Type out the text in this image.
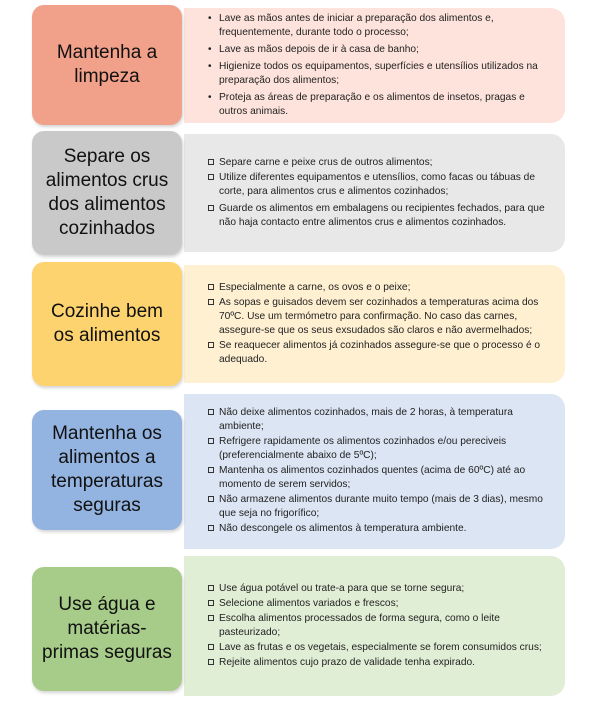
• Lave as mãos antes de iniciar a preparação dos alimentos e, frequentemente, durante todo o processo;
• Lave as mãos depois de ir à casa de banho;
• Higienize todos os equipamentos, superfícies e utensílios utilizados na preparação dos alimentos;
• Proteja as áreas de preparação e os alimentos de insetos, pragas e outros animais.
Mantenha a limpeza
Separe carne e peixe crus de outros alimentos;
Utilize diferentes equipamentos e utensílios, como facas ou tábuas de corte, para alimentos crus e alimentos cozinhados;
Guarde os alimentos em embalagens ou recipientes fechados, para que não haja contacto entre alimentos crus e alimentos cozinhados.
Separe os alimentos crus dos alimentos cozinhados
Especialmente a carne, os ovos e o peixe;
As sopas e guisados devem ser cozinhados a temperaturas acima dos 70ºC. Use um termómetro para confirmação. No caso das carnes, assegure-se que os seus exsudados são claros e não avermelhados;
Se reaquecer alimentos já cozinhados assegure-se que o processo é o adequado.
Cozinhe bem os alimentos
Não deixe alimentos cozinhados, mais de 2 horas, à temperatura ambiente;
Refrigere rapidamente os alimentos cozinhados e/ou pereciveis (preferencialmente abaixo de 5ºC);
Mantenha os alimentos cozinhados quentes (acima de 60ºC) até ao momento de serem servidos;
Não armazene alimentos durante muito tempo (mais de 3 dias), mesmo que seja no frigorífico;
Não descongele os alimentos à temperatura ambiente.
Mantenha os alimentos a temperaturas seguras
Use água potável ou trate-a para que se torne segura;
Selecione alimentos variados e frescos;
Escolha alimentos processados de forma segura, como o leite pasteurizado;
Lave as frutas e os vegetais, especialmente se forem consumidos crus;
Rejeite alimentos cujo prazo de validade tenha expirado.
Use água e matérias-primas seguras
